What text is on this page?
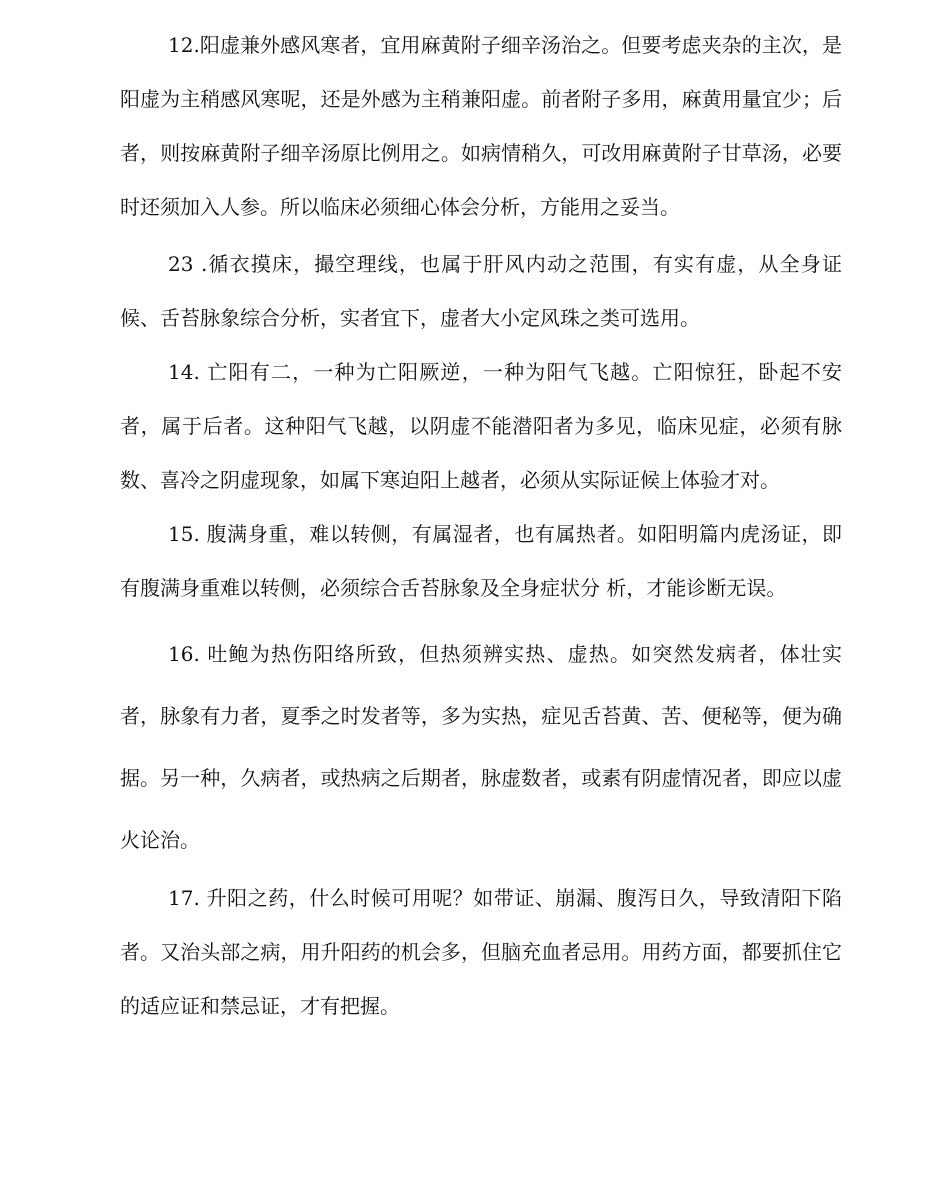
12.阳虚兼外感风寒者，宜用麻黄附子细辛汤治之。但要考虑夹杂的主次，是阳虚为主稍感风寒呢，还是外感为主稍兼阳虚。前者附子多用，麻黄用量宜少；后者，则按麻黄附子细辛汤原比例用之。如病情稍久，可改用麻黄附子甘草汤，必要时还须加入人参。所以临床必须细心体会分析，方能用之妥当。

23 .循衣摸床，撮空理线，也属于肝风内动之范围，有实有虚，从全身证候、舌苔脉象综合分析，实者宜下，虚者大小定风珠之类可选用。

14. 亡阳有二，一种为亡阳厥逆，一种为阳气飞越。亡阳惊狂，卧起不安者，属于后者。这种阳气飞越，以阴虚不能潜阳者为多见，临床见症，必须有脉数、喜冷之阴虚现象，如属下寒迫阳上越者，必须从实际证候上体验才对。

15. 腹满身重，难以转侧，有属湿者，也有属热者。如阳明篇内虎汤证，即有腹满身重难以转侧，必须综合舌苔脉象及全身症状分 析，才能诊断无误。

16. 吐鲍为热伤阳络所致，但热须辨实热、虚热。如突然发病者，体壮实者，脉象有力者，夏季之时发者等，多为实热，症见舌苔黄、苦、便秘等，便为确据。另一种，久病者，或热病之后期者，脉虚数者，或素有阴虚情况者，即应以虚火论治。

17. 升阳之药，什么时候可用呢？如带证、崩漏、腹泻日久，导致清阳下陷者。又治头部之病，用升阳药的机会多，但脑充血者忌用。用药方面，都要抓住它的适应证和禁忌证，才有把握。
